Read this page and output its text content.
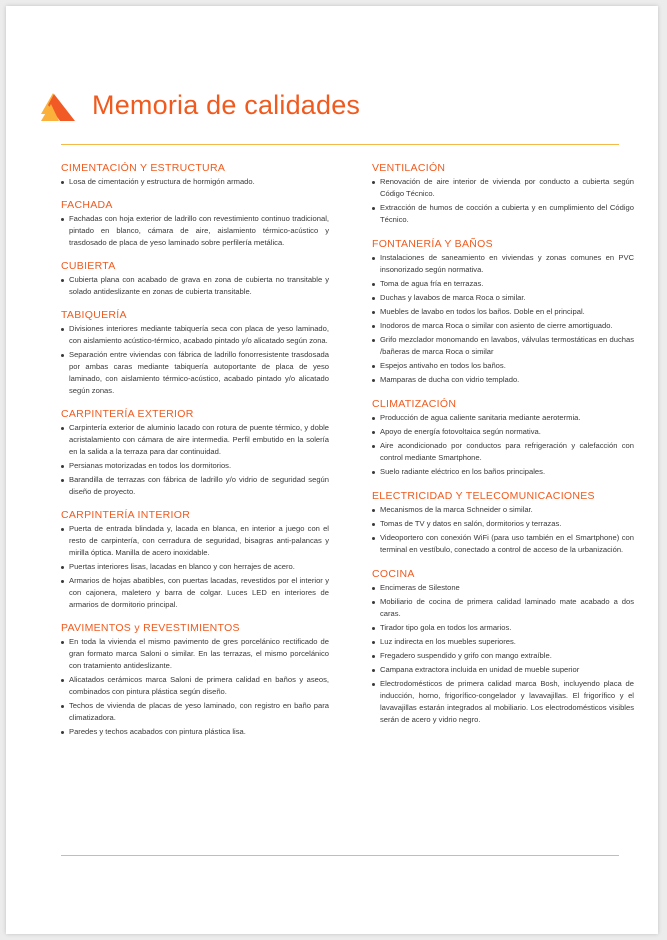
Memoria de calidades
CIMENTACIÓN Y ESTRUCTURA
Losa de cimentación y estructura de hormigón armado.
FACHADA
Fachadas con hoja exterior de ladrillo con revestimiento continuo tradicional, pintado en blanco, cámara de aire, aislamiento térmico-acústico y trasdosado de placa de yeso laminado sobre perfilería metálica.
CUBIERTA
Cubierta plana con acabado de grava en zona de cubierta no transitable y solado antideslizante en zonas de cubierta transitable.
TABIQUERÍA
Divisiones interiores mediante tabiquería seca con placa de yeso laminado, con aislamiento acústico-térmico, acabado pintado y/o alicatado según zona.
Separación entre viviendas con fábrica de ladrillo fonorresistente trasdosada por ambas caras mediante tabiquería autoportante de placa de yeso laminado, con aislamiento térmico-acústico, acabado pintado y/o alicatado según zonas.
CARPINTERÍA EXTERIOR
Carpintería exterior de aluminio lacado con rotura de puente térmico, y doble acristalamiento con cámara de aire intermedia. Perfil embutido en la solería en la salida a la terraza para dar continuidad.
Persianas motorizadas en todos los dormitorios.
Barandilla de terrazas con fábrica de ladrillo y/o vidrio de seguridad según diseño de proyecto.
CARPINTERÍA INTERIOR
Puerta de entrada blindada y, lacada en blanca, en interior a juego con el resto de carpintería, con cerradura de seguridad, bisagras anti-palancas y mirilla óptica. Manilla de acero inoxidable.
Puertas interiores lisas, lacadas en blanco y con herrajes de acero.
Armarios de hojas abatibles, con puertas lacadas, revestidos por el interior y con cajonera, maletero y barra de colgar. Luces LED en interiores de armarios de dormitorio principal.
PAVIMENTOS y REVESTIMIENTOS
En toda la vivienda el mismo pavimento de gres porcelánico rectificado de gran formato marca Saloni o similar. En las terrazas, el mismo porcelánico con tratamiento antideslizante.
Alicatados cerámicos marca Saloni de primera calidad en baños y aseos, combinados con pintura plástica según diseño.
Techos de vivienda de placas de yeso laminado, con registro en baño para climatizadora.
Paredes y techos acabados con pintura plástica lisa.
VENTILACIÓN
Renovación de aire interior de vivienda por conducto a cubierta según Código Técnico.
Extracción de humos de cocción a cubierta y en cumplimiento del Código Técnico.
FONTANERÍA Y BAÑOS
Instalaciones de saneamiento en viviendas y zonas comunes en PVC insonorizado según normativa.
Toma de agua fría en terrazas.
Duchas y lavabos de marca Roca o similar.
Muebles de lavabo en todos los baños. Doble en el principal.
Inodoros de marca Roca o similar con asiento de cierre amortiguado.
Grifo mezclador monomando en lavabos, válvulas termostáticas en duchas /bañeras de marca Roca o similar
Espejos antivaho en todos los baños.
Mamparas de ducha con vidrio templado.
CLIMATIZACIÓN
Producción de agua caliente sanitaria mediante aerotermia.
Apoyo de energía fotovoltaica según normativa.
Aire acondicionado por conductos para refrigeración y calefacción con control mediante Smartphone.
Suelo radiante eléctrico en los baños principales.
ELECTRICIDAD Y TELECOMUNICACIONES
Mecanismos de la marca Schneider o similar.
Tomas de TV y datos en salón, dormitorios y terrazas.
Videoportero con conexión WiFi (para uso también en el Smartphone) con terminal en vestíbulo, conectado a control de acceso de la urbanización.
COCINA
Encimeras de Silestone
Mobiliario de cocina de primera calidad laminado mate acabado a dos caras.
Tirador tipo gola en todos los armarios.
Luz indirecta en los muebles superiores.
Fregadero suspendido y grifo con mango extraíble.
Campana extractora incluida en unidad de mueble superior
Electrodomésticos de primera calidad marca Bosh, incluyendo placa de inducción, horno, frigorífico-congelador y lavavajillas. El frigorífico y el lavavajillas estarán integrados al mobiliario. Los electrodomésticos visibles serán de acero y vidrio negro.
